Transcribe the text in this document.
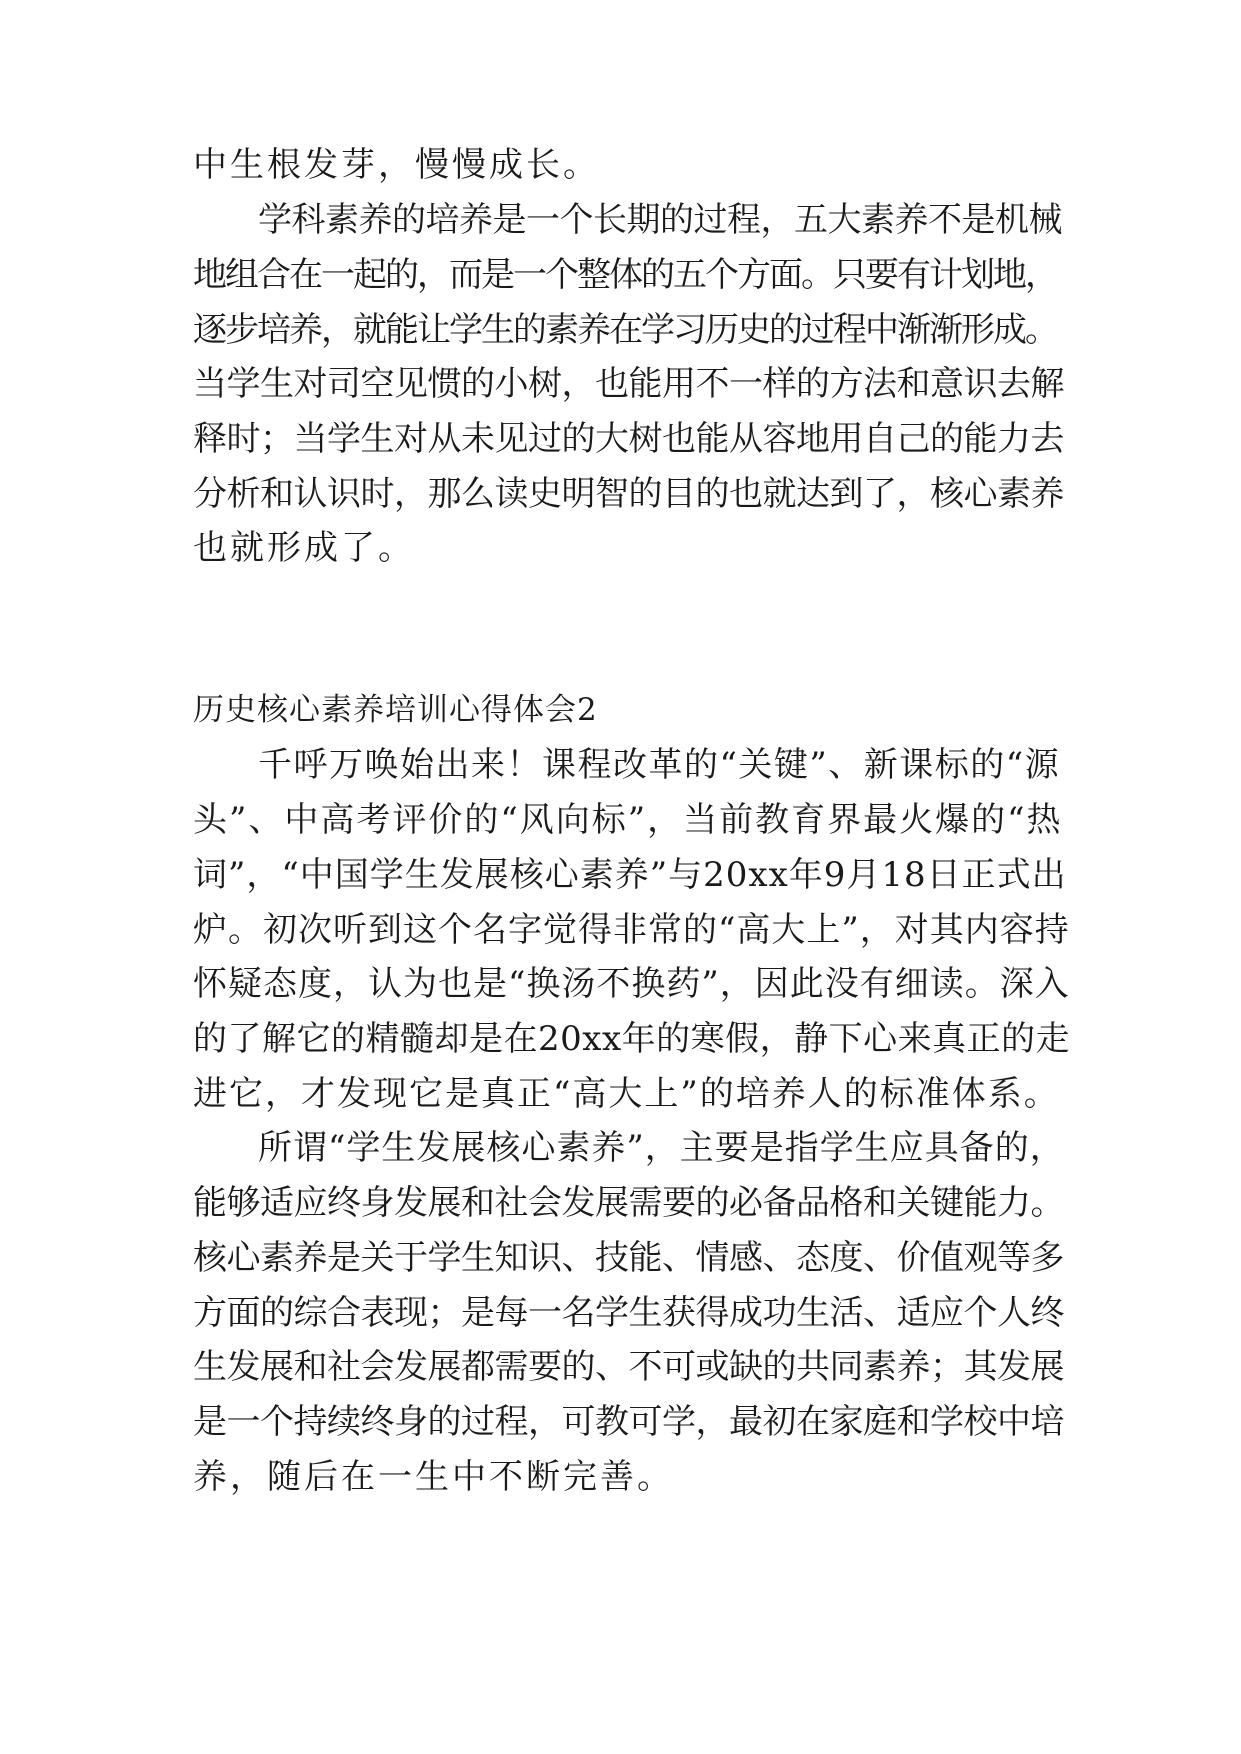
中生根发芽，慢慢成长。

学科素养的培养是一个长期的过程，五大素养不是机械

地组合在一起的，而是一个整体的五个方面。只要有计划地，

逐步培养，就能让学生的素养在学习历史的过程中渐渐形成。

当学生对司空见惯的小树，也能用不一样的方法和意识去解

释时；当学生对从未见过的大树也能从容地用自己的能力去

分析和认识时，那么读史明智的目的也就达到了，核心素养

也就形成了。

历史核心素养培训心得体会2

千呼万唤始出来！课程改革的“关键”、新课标的“源

头”、中高考评价的“风向标”，当前教育界最火爆的“热

词”，“中国学生发展核心素养”与20xx年9月18日正式出

炉。初次听到这个名字觉得非常的“高大上”，对其内容持

怀疑态度，认为也是“换汤不换药”，因此没有细读。深入

的了解它的精髓却是在20xx年的寒假，静下心来真正的走

进它，才发现它是真正“高大上”的培养人的标准体系。

所谓“学生发展核心素养”，主要是指学生应具备的，

能够适应终身发展和社会发展需要的必备品格和关键能力。

核心素养是关于学生知识、技能、情感、态度、价值观等多

方面的综合表现；是每一名学生获得成功生活、适应个人终

生发展和社会发展都需要的、不可或缺的共同素养；其发展

是一个持续终身的过程，可教可学，最初在家庭和学校中培

养，随后在一生中不断完善。
